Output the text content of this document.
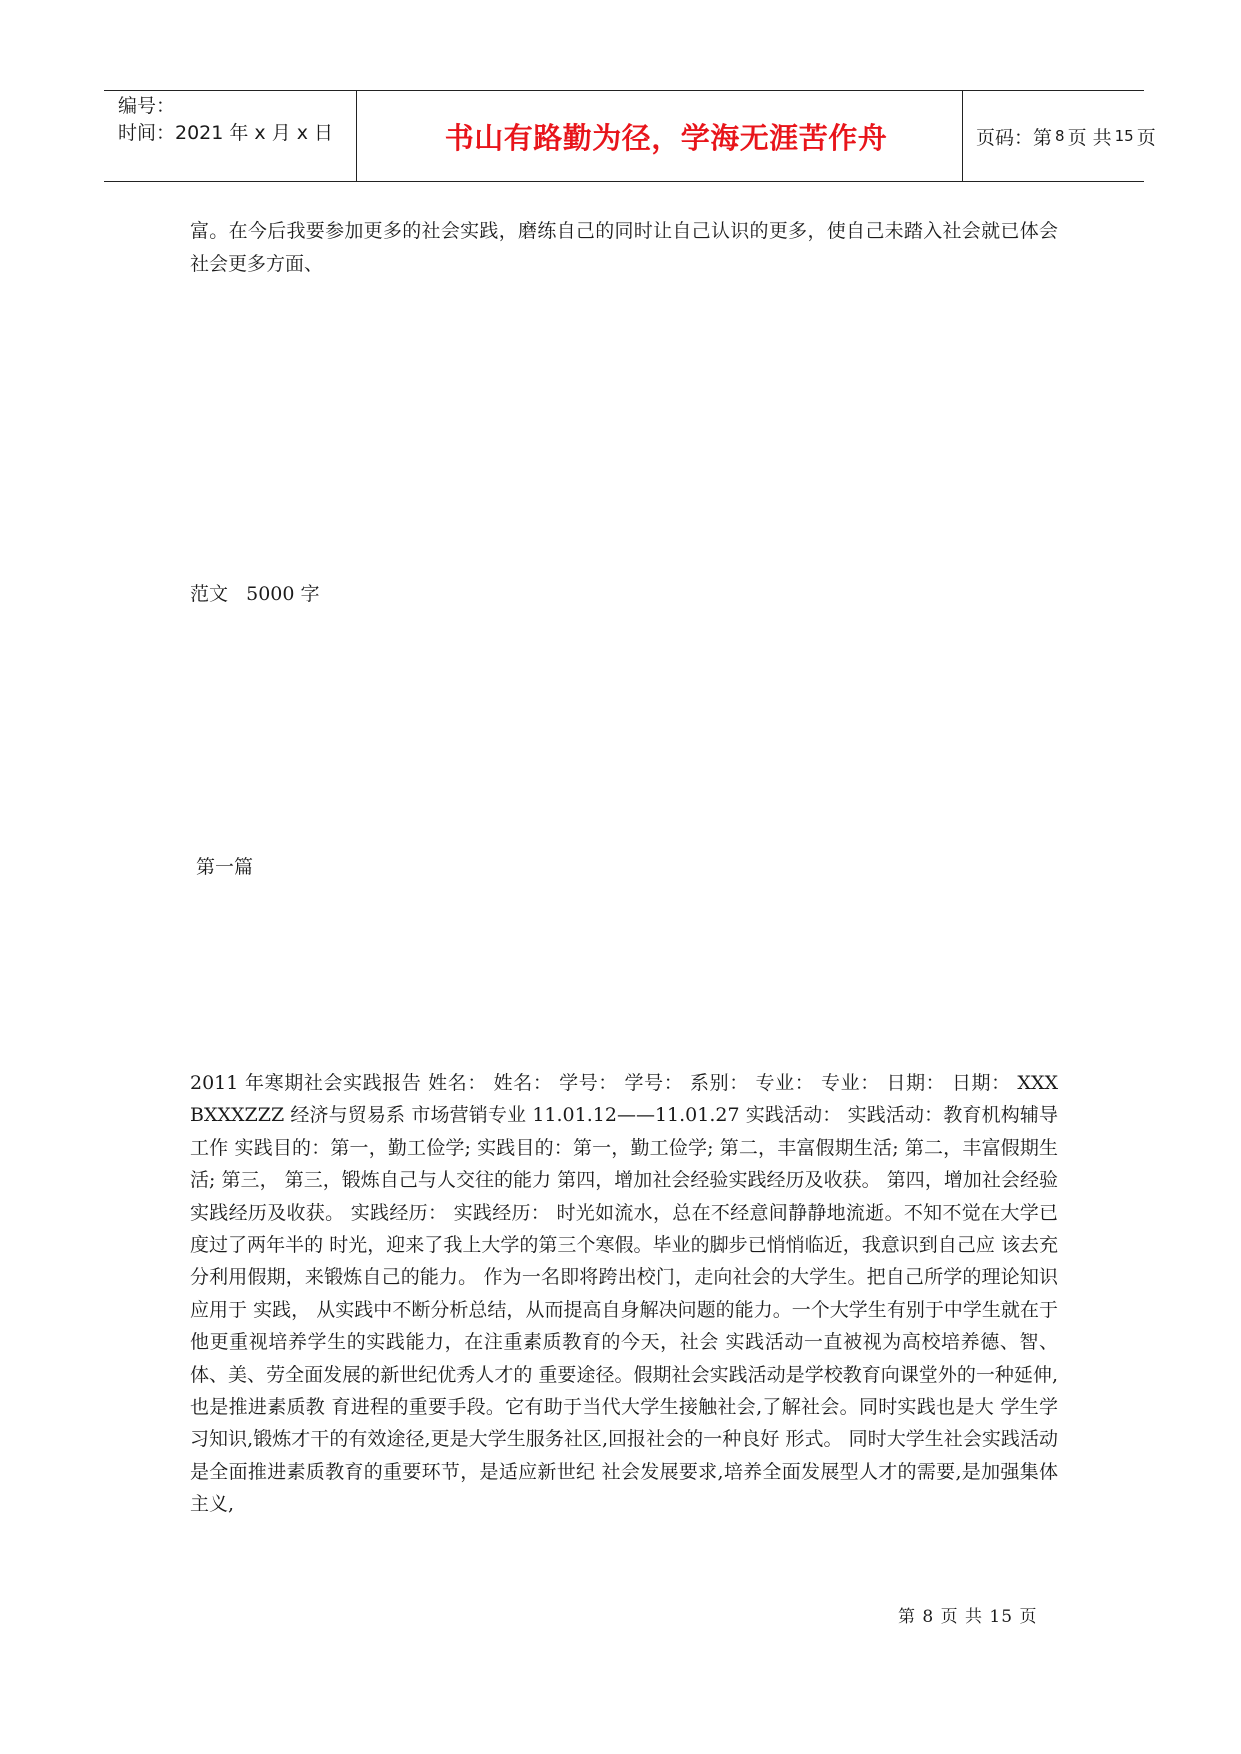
编号：
时间：2021 年 x 月 x 日	书山有路勤为径，学海无涯苦作舟	页码：第 8 页 共 15 页

富。在今后我要参加更多的社会实践，磨练自己的同时让自己认识的更多，使自己未踏入社会就已体会社会更多方面、

范文   5000 字

第一篇

2011 年寒期社会实践报告 姓名： 姓名： 学号： 学号： 系别： 专业： 专业： 日期： 日期： XXX BXXXZZZ 经济与贸易系 市场营销专业 11.01.12——11.01.27 实践活动： 实践活动：教育机构辅导工作 实践目的：第一，勤工俭学; 实践目的：第一，勤工俭学; 第二，丰富假期生活; 第二，丰富假期生活; 第三， 第三，锻炼自己与人交往的能力 第四，增加社会经验实践经历及收获。 第四，增加社会经验实践经历及收获。 实践经历： 实践经历： 时光如流水，总在不经意间静静地流逝。不知不觉在大学已度过了两年半的 时光，迎来了我上大学的第三个寒假。毕业的脚步已悄悄临近，我意识到自己应 该去充分利用假期，来锻炼自己的能力。 作为一名即将跨出校门，走向社会的大学生。把自己所学的理论知识应用于 实践， 从实践中不断分析总结，从而提高自身解决问题的能力。一个大学生有别于中学生就在于他更重视培养学生的实践能力，在注重素质教育的今天，社会 实践活动一直被视为高校培养德、智、体、美、劳全面发展的新世纪优秀人才的 重要途径。假期社会实践活动是学校教育向课堂外的一种延伸,也是推进素质教 育进程的重要手段。它有助于当代大学生接触社会,了解社会。同时实践也是大 学生学习知识,锻炼才干的有效途径,更是大学生服务社区,回报社会的一种良好 形式。 同时大学生社会实践活动是全面推进素质教育的重要环节，是适应新世纪 社会发展要求,培养全面发展型人才的需要,是加强集体主义,

第 8 页 共 15 页
